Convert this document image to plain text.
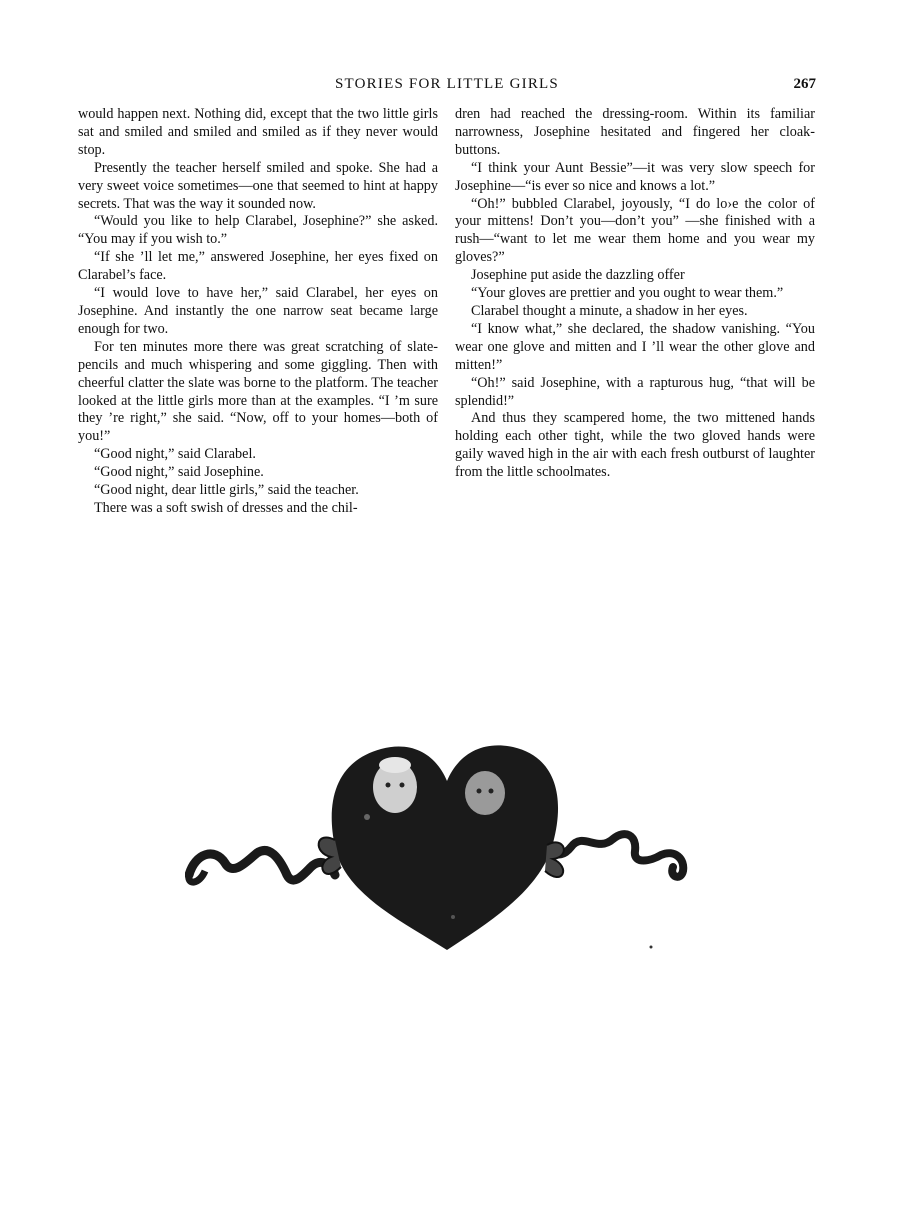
STORIES FOR LITTLE GIRLS	267

would happen next. Nothing did, except that the two little girls sat and smiled and smiled and smiled as if they never would stop.

Presently the teacher herself smiled and spoke. She had a very sweet voice sometimes—one that seemed to hint at happy secrets. That was the way it sounded now.

“Would you like to help Clarabel, Josephine?” she asked. “You may if you wish to.”

“If she ’ll let me,” answered Josephine, her eyes fixed on Clarabel’s face.

“I would love to have her,” said Clarabel, her eyes on Josephine. And instantly the one narrow seat became large enough for two.

For ten minutes more there was great scratching of slate-pencils and much whispering and some giggling. Then with cheerful clatter the slate was borne to the platform. The teacher looked at the little girls more than at the examples. “I ’m sure they ’re right,” she said. “Now, off to your homes—both of you!”

“Good night,” said Clarabel.

“Good night,” said Josephine.

“Good night, dear little girls,” said the teacher.

There was a soft swish of dresses and the chil-

dren had reached the dressing-room. Within its familiar narrowness, Josephine hesitated and fingered her cloak-buttons.

“I think your Aunt Bessie”—it was very slow speech for Josephine—“is ever so nice and knows a lot.”

“Oh!” bubbled Clarabel, joyously, “I do lo›e the color of your mittens! Don’t you—don’t you” —she finished with a rush—“want to let me wear them home and you wear my gloves?”

Josephine put aside the dazzling offer

“Your gloves are prettier and you ought to wear them.”

Clarabel thought a minute, a shadow in her eyes.

“I know what,” she declared, the shadow vanishing. “You wear one glove and mitten and I ’ll wear the other glove and mitten!”

“Oh!” said Josephine, with a rapturous hug, “that will be splendid!”

And thus they scampered home, the two mittened hands holding each other tight, while the two gloved hands were gaily waved high in the air with each fresh outburst of laughter from the little schoolmates.
